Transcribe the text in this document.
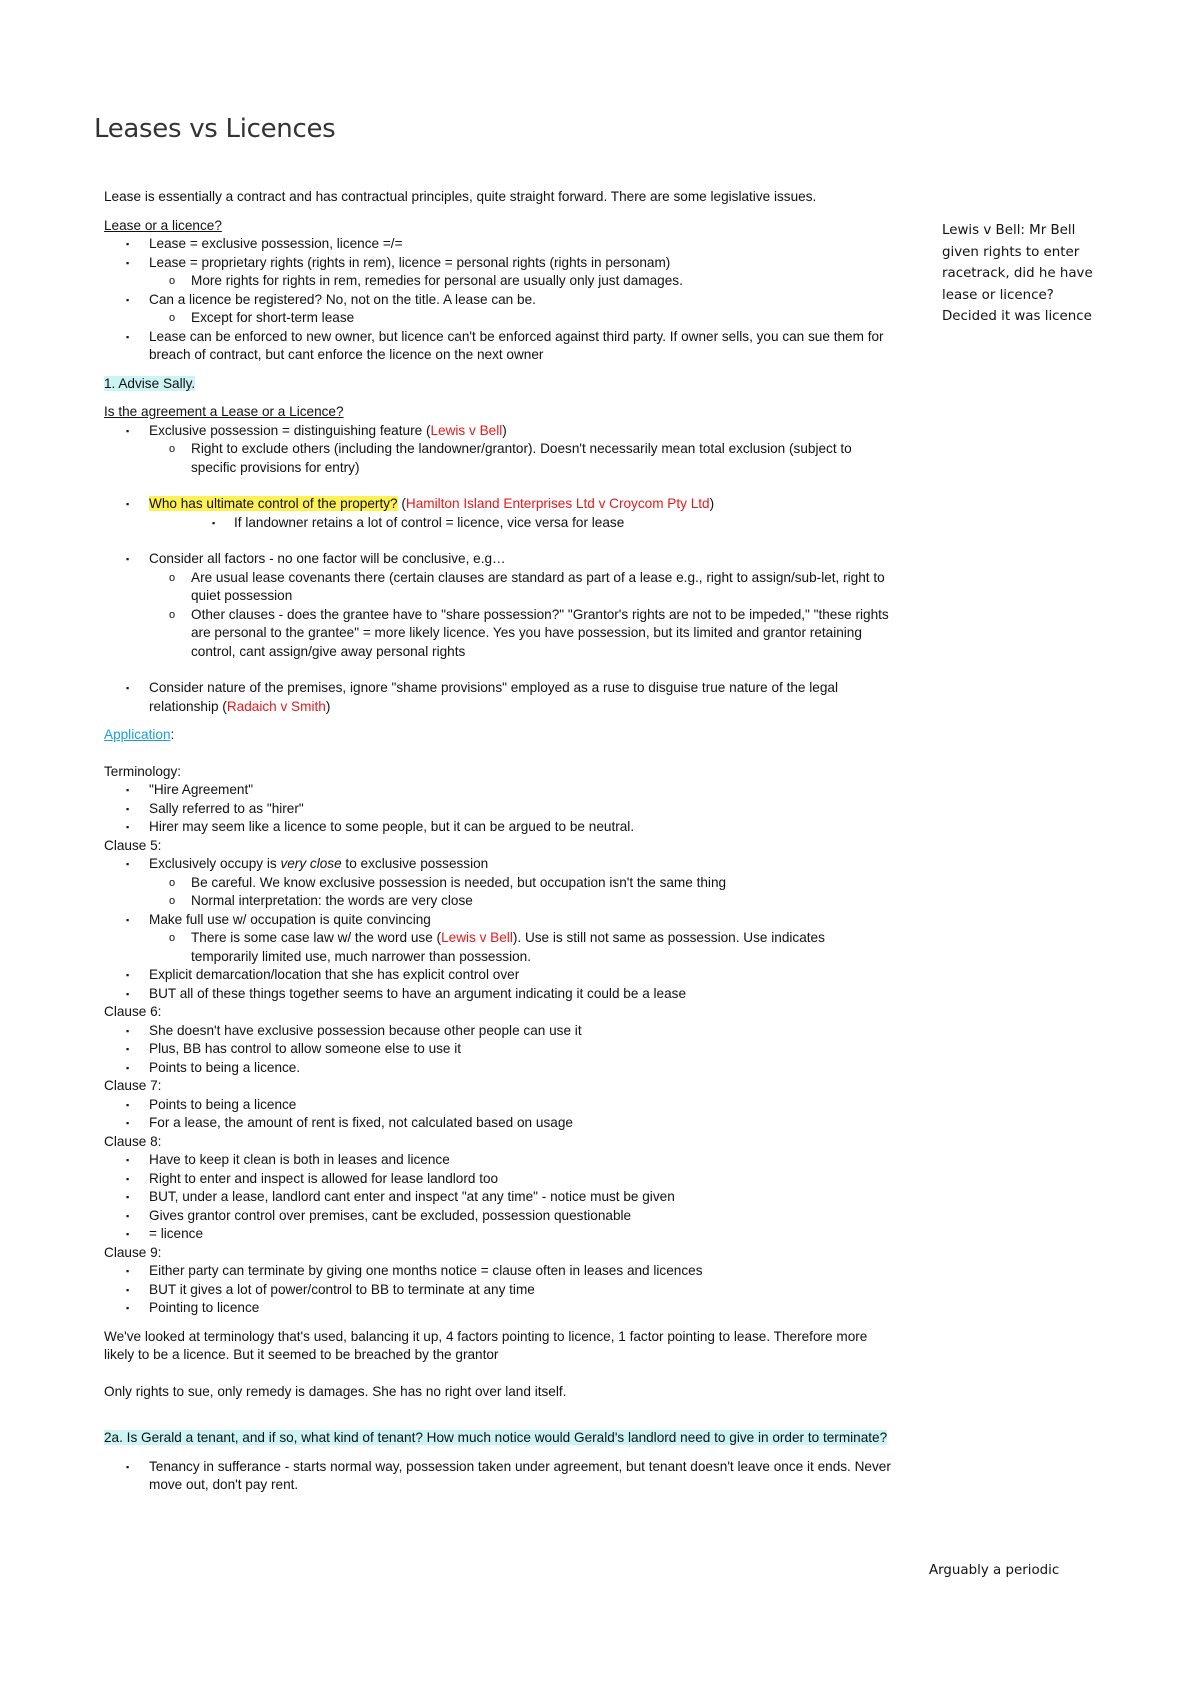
Leases vs Licences

Lease is essentially a contract and has contractual principles, quite straight forward. There are some legislative issues.

Lease or a licence?

▪ Lease = exclusive possession, licence =/=
▪ Lease = proprietary rights (rights in rem), licence = personal rights (rights in personam)
o More rights for rights in rem, remedies for personal are usually only just damages.
▪ Can a licence be registered? No, not on the title. A lease can be.
o Except for short-term lease
▪ Lease can be enforced to new owner, but licence can't be enforced against third party. If owner sells, you can sue them for breach of contract, but cant enforce the licence on the next owner

1. Advise Sally.

Is the agreement a Lease or a Licence?

▪ Exclusive possession = distinguishing feature (Lewis v Bell)
o Right to exclude others (including the landowner/grantor). Doesn't necessarily mean total exclusion (subject to specific provisions for entry)
▪ Who has ultimate control of the property? (Hamilton Island Enterprises Ltd v Croycom Pty Ltd)
▪ If landowner retains a lot of control = licence, vice versa for lease
▪ Consider all factors - no one factor will be conclusive, e.g…
o Are usual lease covenants there (certain clauses are standard as part of a lease e.g., right to assign/sub-let, right to quiet possession
o Other clauses - does the grantee have to "share possession?" "Grantor's rights are not to be impeded," "these rights are personal to the grantee" = more likely licence. Yes you have possession, but its limited and grantor retaining control, cant assign/give away personal rights
▪ Consider nature of the premises, ignore "shame provisions" employed as a ruse to disguise true nature of the legal relationship (Radaich v Smith)

Application:

Terminology:

▪ "Hire Agreement"
▪ Sally referred to as "hirer"
▪ Hirer may seem like a licence to some people, but it can be argued to be neutral.

Clause 5:

▪ Exclusively occupy is very close to exclusive possession
o Be careful. We know exclusive possession is needed, but occupation isn't the same thing
o Normal interpretation: the words are very close
▪ Make full use w/ occupation is quite convincing
o There is some case law w/ the word use (Lewis v Bell). Use is still not same as possession. Use indicates temporarily limited use, much narrower than possession.
▪ Explicit demarcation/location that she has explicit control over
▪ BUT all of these things together seems to have an argument indicating it could be a lease

Clause 6:

▪ She doesn't have exclusive possession because other people can use it
▪ Plus, BB has control to allow someone else to use it
▪ Points to being a licence.

Clause 7:

▪ Points to being a licence
▪ For a lease, the amount of rent is fixed, not calculated based on usage

Clause 8:

▪ Have to keep it clean is both in leases and licence
▪ Right to enter and inspect is allowed for lease landlord too
▪ BUT, under a lease, landlord cant enter and inspect "at any time" - notice must be given
▪ Gives grantor control over premises, cant be excluded, possession questionable
▪ = licence

Clause 9:

▪ Either party can terminate by giving one months notice = clause often in leases and licences
▪ BUT it gives a lot of power/control to BB to terminate at any time
▪ Pointing to licence

We've looked at terminology that's used, balancing it up, 4 factors pointing to licence, 1 factor pointing to lease. Therefore more likely to be a licence. But it seemed to be breached by the grantor

Only rights to sue, only remedy is damages. She has no right over land itself.

2a. Is Gerald a tenant, and if so, what kind of tenant? How much notice would Gerald's landlord need to give in order to terminate?

▪ Tenancy in sufferance - starts normal way, possession taken under agreement, but tenant doesn't leave once it ends. Never move out, don't pay rent.
Lewis v Bell: Mr Bell
given rights to enter
racetrack, did he have
lease or licence?
Decided it was licence
Arguably a periodic
